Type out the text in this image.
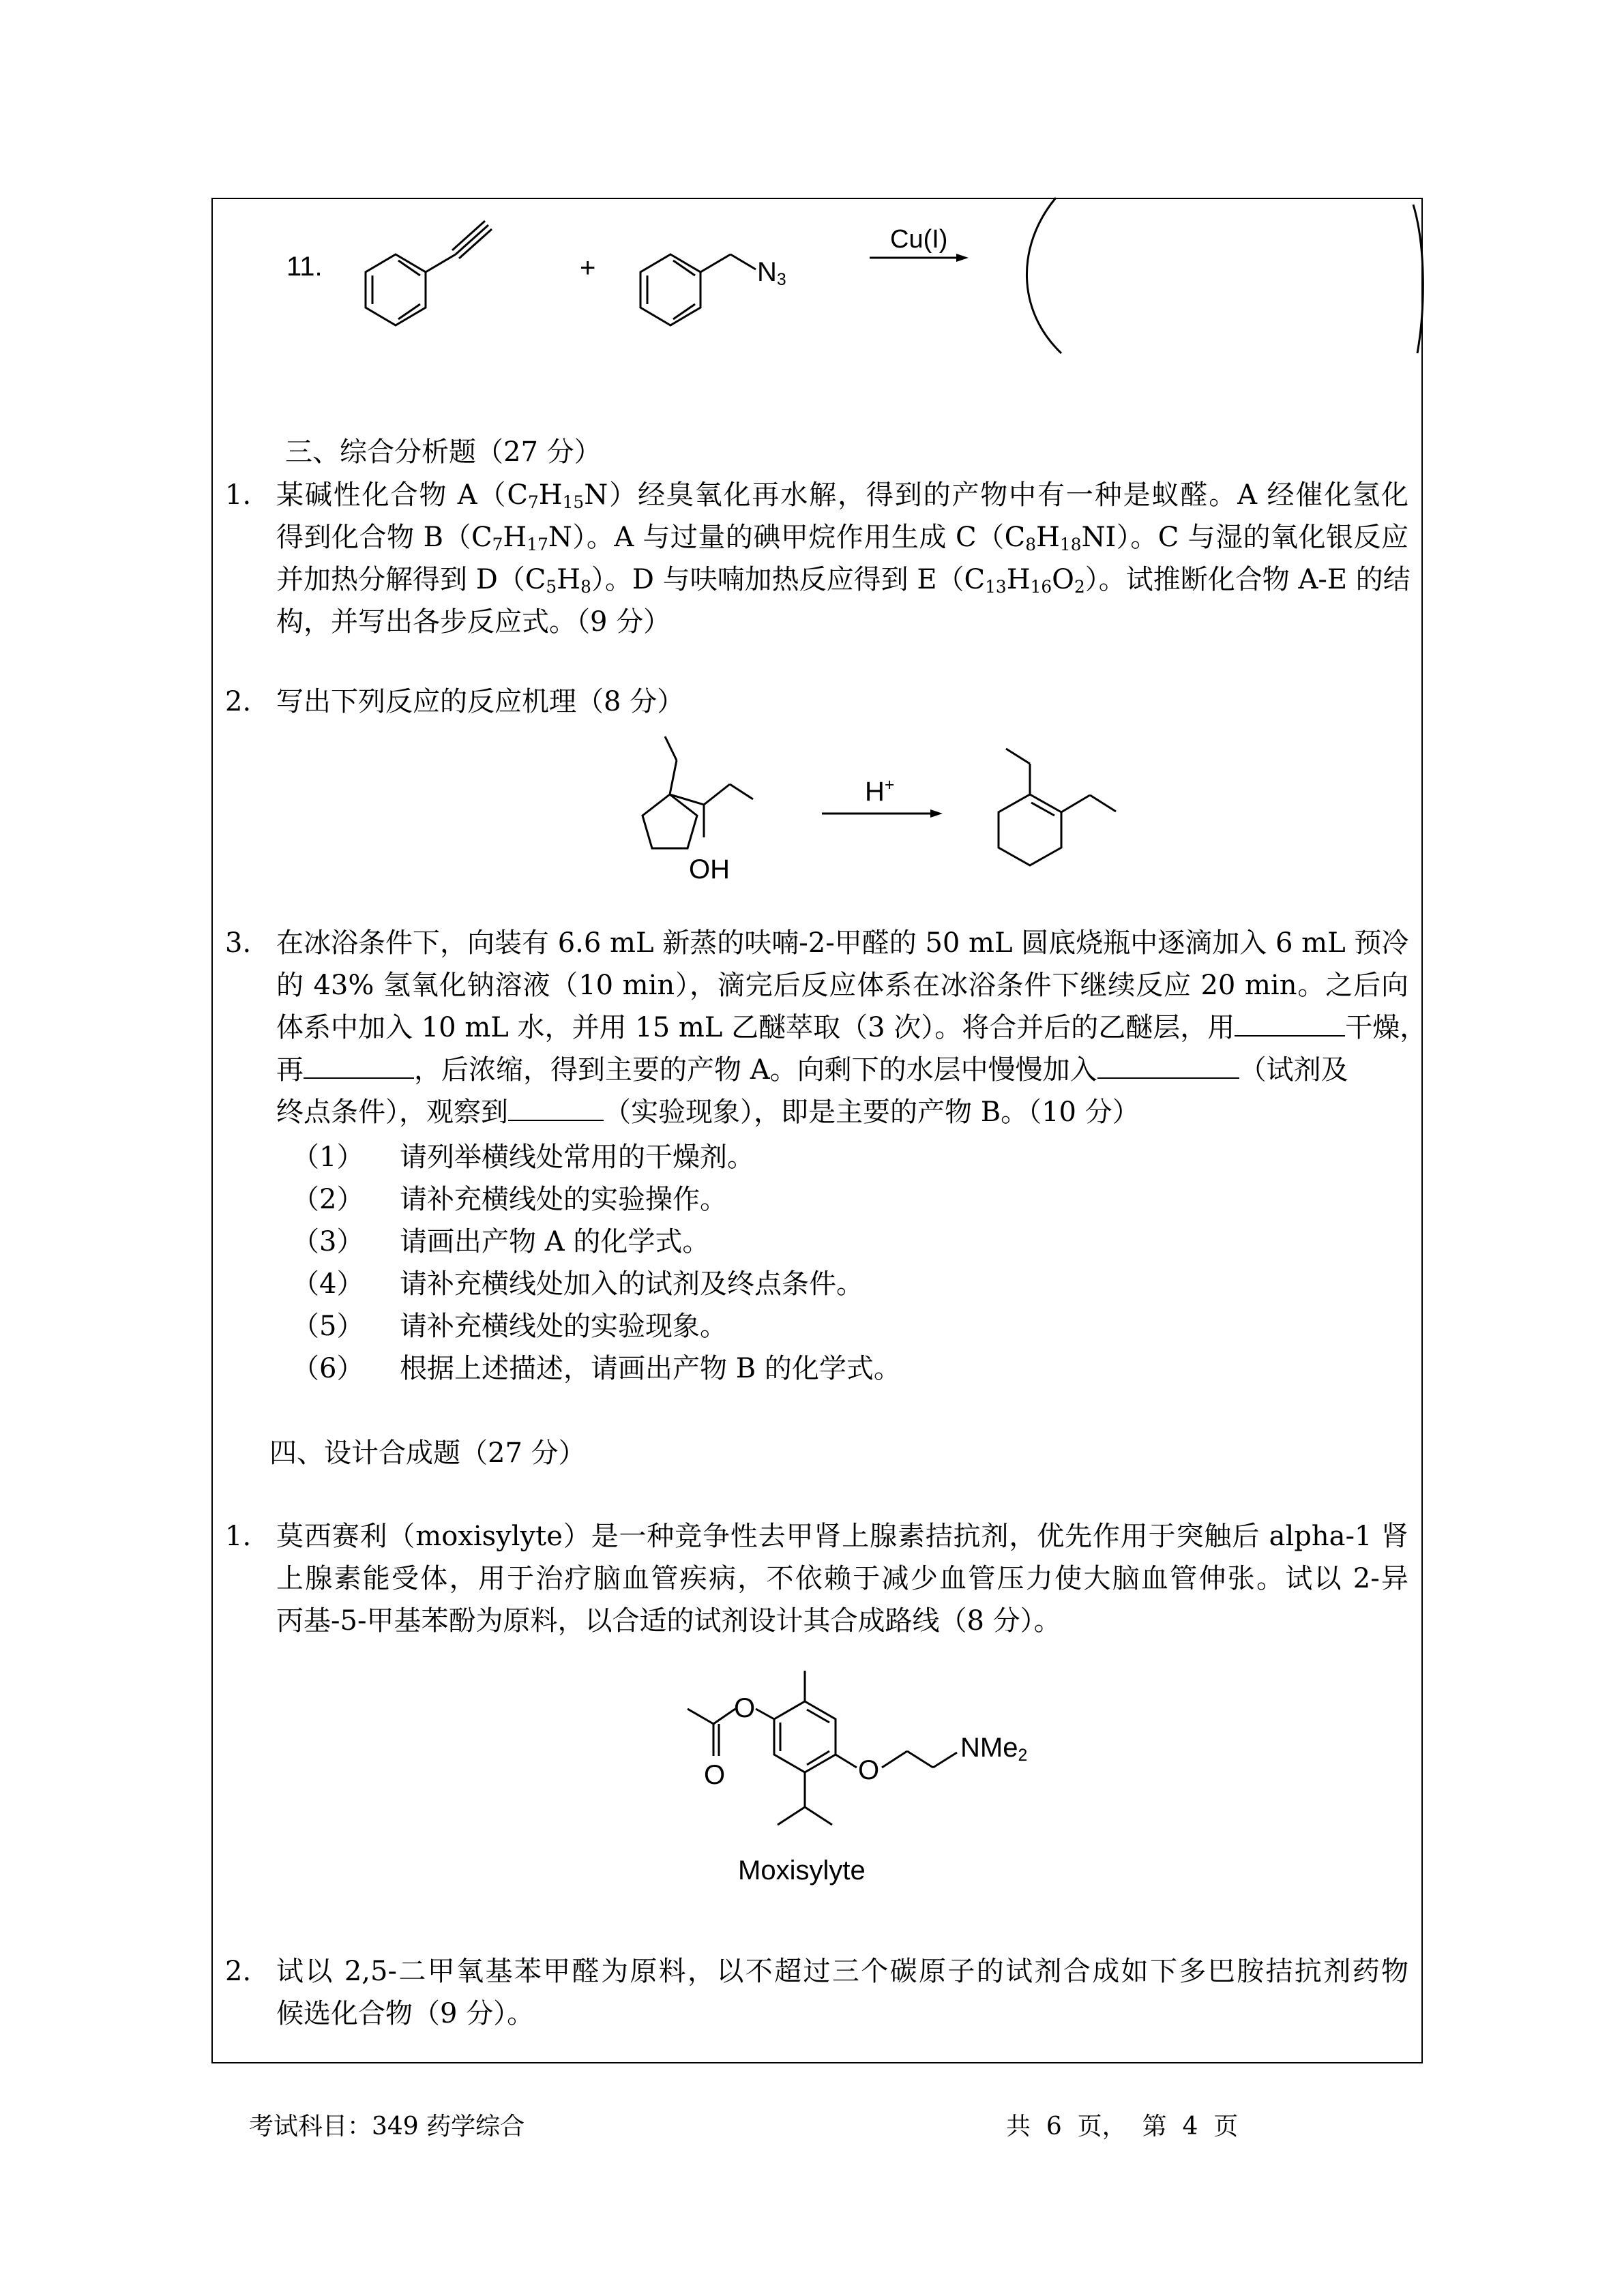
11.	+	$N_3$
Cu(I)
三、综合分析题（27 分）
1. 某碱性化合物 $A(C_7H_{15}N)$经臭氧化再水解，得到的产物中有一种是蚁醛。A 经催化氢化
得到化合物 $B(C_7H_{17}N)$。A 与过量的碘甲烷作用生成 $C(C_8H_{18}NI)$。C 与湿的氧化银反应
并加热分解得到 $D(C_5H_8)$。D 与呋喃加热反应得到 $E(C_{13}H_{16}O_2)$。试推断化合物 A-E 的结
构，并写出各步反应式。（9 分）
2. 写出下列反应的反应机理（8 分）
OH
H+
3. 在冰浴条件下，向装有 6.6 mL 新蒸的呋喃-2-甲醛的 50 mL 圆底烧瓶中逐滴加入 6 mL 预冷
的 43% 氢氧化钠溶液（10 min），滴完后反应体系在冰浴条件下继续反应 20 min。之后向
体系中加入 10 mL 水，并用 15 mL 乙醚萃取（3 次）。将合并后的乙醚层，用	干燥，
再	，后浓缩，得到主要的产物 A。向剩下的水层中慢慢加入	（试剂及
终点条件），观察到	（实验现象），即是主要的产物 B。（10 分）
（1） 请列举横线处常用的干燥剂。
（2） 请补充横线处的实验操作。
（3） 请画出产物 A 的化学式。
（4） 请补充横线处加入的试剂及终点条件。
（5） 请补充横线处的实验现象。
（6） 根据上述描述，请画出产物 B 的化学式。
四、设计合成题（27 分）
1. 莫西赛利（moxisylyte）是一种竞争性去甲肾上腺素拮抗剂，优先作用于突触后 alpha-1 肾
上腺素能受体，用于治疗脑血管疾病，不依赖于减少血管压力使大脑血管伸张。试以 2-异
丙基-5-甲基苯酚为原料，以合适的试剂设计其合成路线（8 分）。
O
O	O
NMe$_2$
Moxisylyte
2. 试以 2,5-二甲氧基苯甲醛为原料，以不超过三个碳原子的试剂合成如下多巴胺拮抗剂药物
候选化合物（9 分）。
考试科目：349 药学综合	共  6  页，  第  4  页
